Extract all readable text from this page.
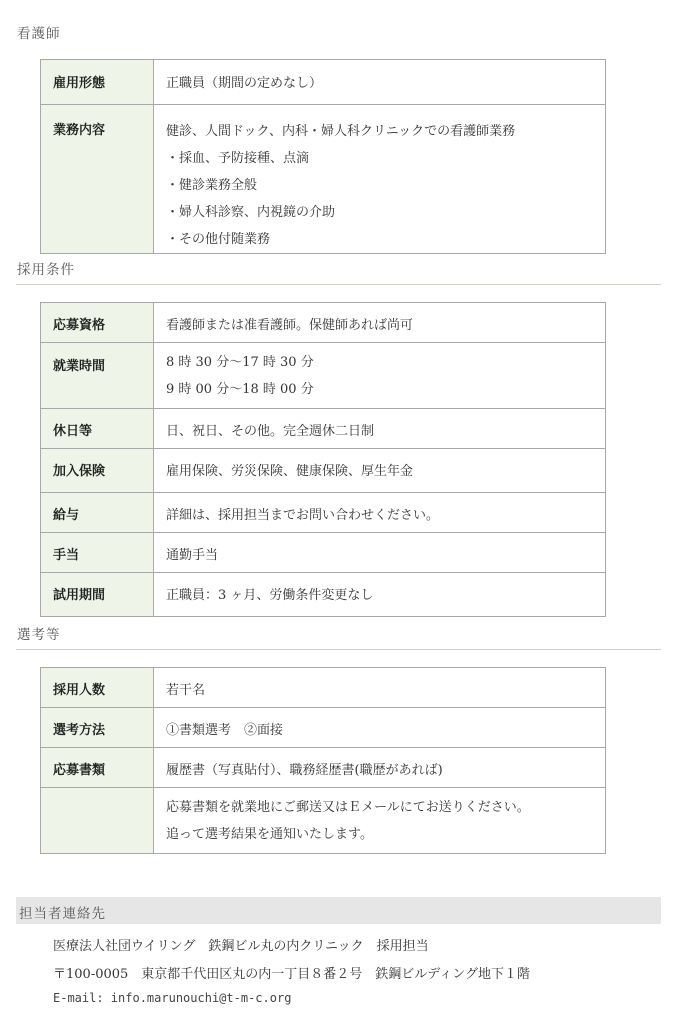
看護師
雇用形態	正職員（期間の定めなし）

業務内容	健診、人間ドック、内科・婦人科クリニックでの看護師業務
・採血、予防接種、点滴
・健診業務全般
・婦人科診察、内視鏡の介助
・その他付随業務
採用条件
応募資格	看護師または准看護師。保健師あれば尚可

就業時間	8 時 30 分〜17 時 30 分
9 時 00 分〜18 時 00 分

休日等	日、祝日、その他。完全週休二日制

加入保険	雇用保険、労災保険、健康保険、厚生年金

給与	詳細は、採用担当までお問い合わせください。

手当	通勤手当

試用期間	正職員：3 ヶ月、労働条件変更なし
選考等
採用人数	若干名

選考方法	①書類選考　②面接

応募書類	履歴書（写真貼付）、職務経歴書(職歴があれば)

	応募書類を就業地にご郵送又はＥメールにてお送りください。
追って選考結果を通知いたします。
担当者連絡先
医療法人社団ウイリング　鉄鋼ビル丸の内クリニック　採用担当
〒100-0005　東京都千代田区丸の内一丁目８番２号　鉄鋼ビルディング地下１階
E-mail: info.marunouchi@t-m-c.org
